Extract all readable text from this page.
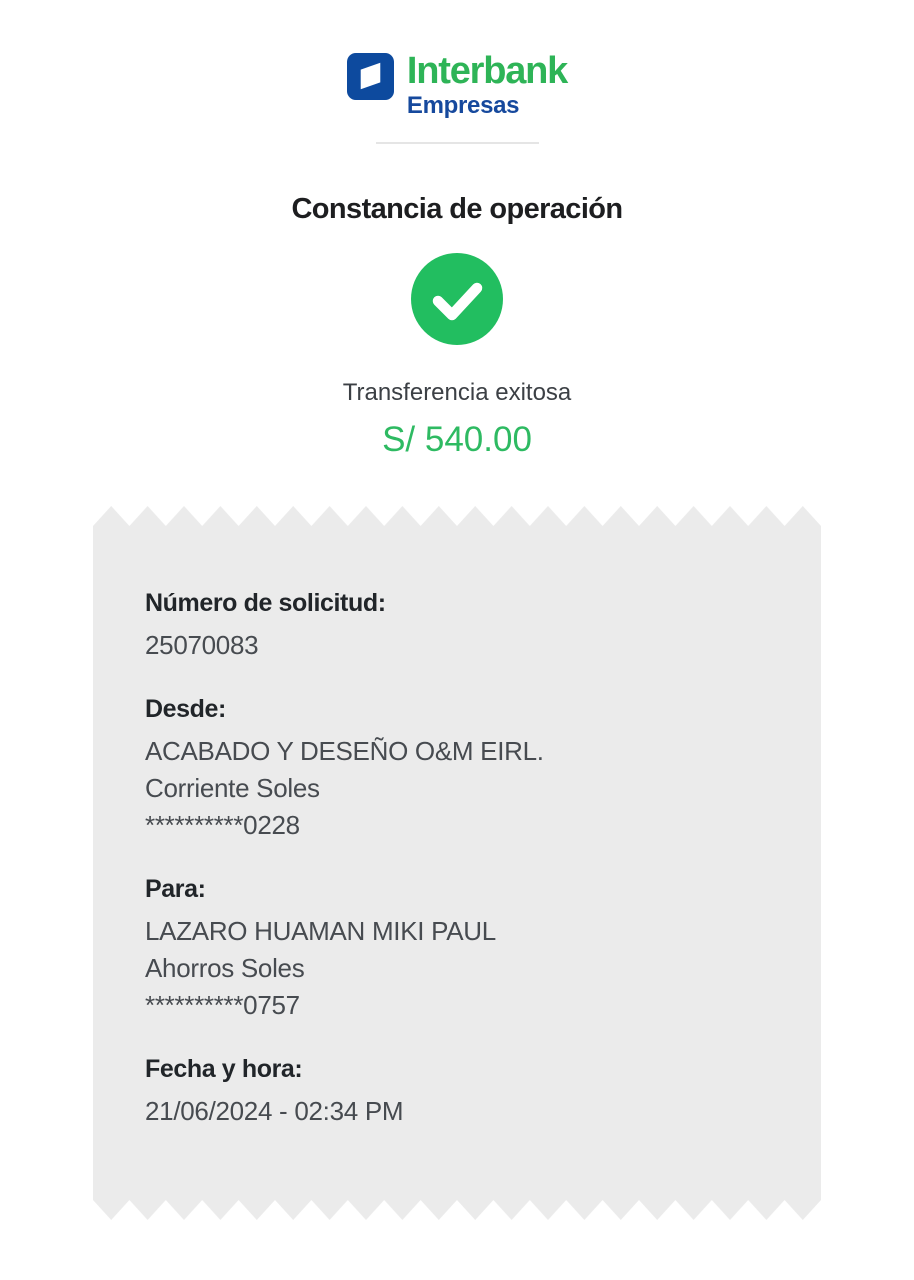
Interbank
Empresas
Constancia de operación
Transferencia exitosa
S/ 540.00
Número de solicitud:
25070083
Desde:
ACABADO Y DESEÑO O&M EIRL.
Corriente Soles
**********0228
Para:
LAZARO HUAMAN MIKI PAUL
Ahorros Soles
**********0757
Fecha y hora:
21/06/2024 - 02:34 PM
